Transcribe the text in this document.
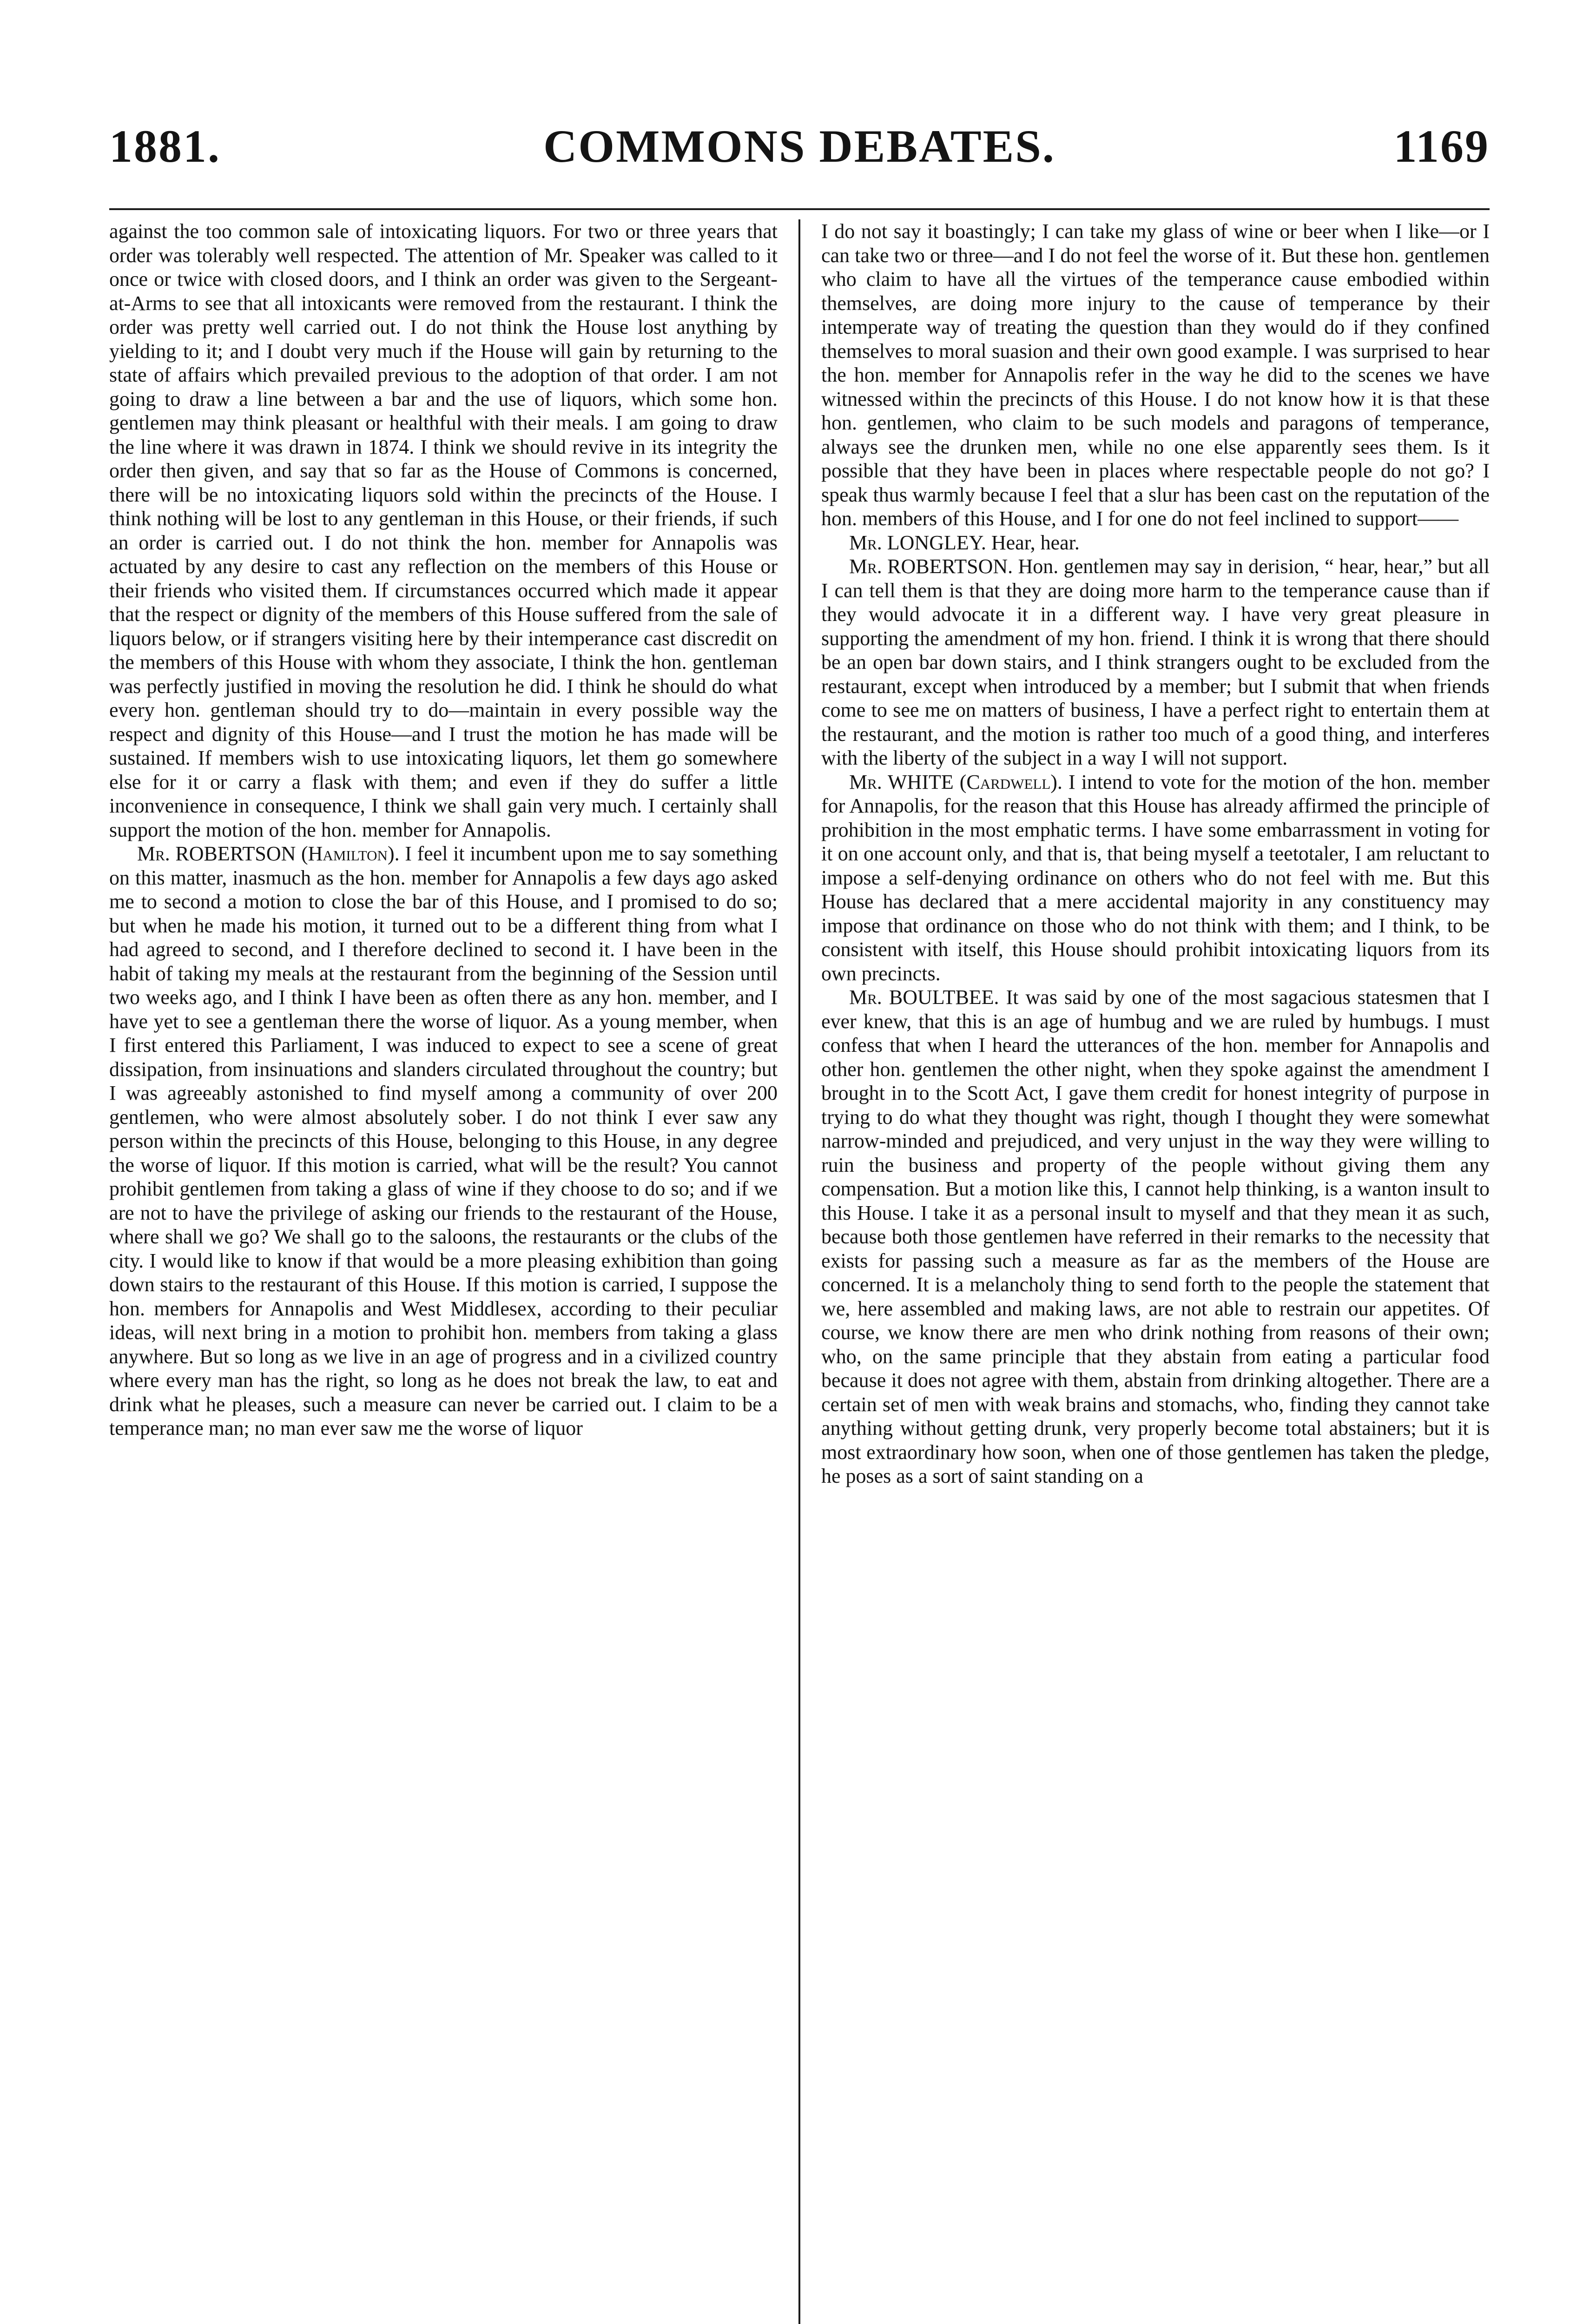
1881.	COMMONS DEBATES.	1169

against the too common sale of intoxicating liquors. For two or three years that order was tolerably well respected. The attention of Mr. Speaker was called to it once or twice with closed doors, and I think an order was given to the Sergeant-at-Arms to see that all intoxicants were removed from the restaurant. I think the order was pretty well carried out. I do not think the House lost anything by yielding to it; and I doubt very much if the House will gain by returning to the state of affairs which prevailed previous to the adoption of that order. I am not going to draw a line between a bar and the use of liquors, which some hon. gentlemen may think pleasant or healthful with their meals. I am going to draw the line where it was drawn in 1874. I think we should revive in its integrity the order then given, and say that so far as the House of Commons is concerned, there will be no intoxicating liquors sold within the precincts of the House. I think nothing will be lost to any gentleman in this House, or their friends, if such an order is carried out. I do not think the hon. member for Annapolis was actuated by any desire to cast any reflection on the members of this House or their friends who visited them. If circumstances occurred which made it appear that the respect or dignity of the members of this House suffered from the sale of liquors below, or if strangers visiting here by their intemperance cast discredit on the members of this House with whom they associate, I think the hon. gentleman was perfectly justified in moving the resolution he did. I think he should do what every hon. gentleman should try to do—maintain in every possible way the respect and dignity of this House—and I trust the motion he has made will be sustained. If members wish to use intoxicating liquors, let them go somewhere else for it or carry a flask with them; and even if they do suffer a little inconvenience in consequence, I think we shall gain very much. I certainly shall support the motion of the hon. member for Annapolis.

Mr. ROBERTSON (Hamilton). I feel it incumbent upon me to say something on this matter, inasmuch as the hon. member for Annapolis a few days ago asked me to second a motion to close the bar of this House, and I promised to do so; but when he made his motion, it turned out to be a different thing from what I had agreed to second, and I therefore declined to second it. I have been in the habit of taking my meals at the restaurant from the beginning of the Session until two weeks ago, and I think I have been as often there as any hon. member, and I have yet to see a gentleman there the worse of liquor. As a young member, when I first entered this Parliament, I was induced to expect to see a scene of great dissipation, from insinuations and slanders circulated throughout the country; but I was agreeably astonished to find myself among a community of over 200 gentlemen, who were almost absolutely sober. I do not think I ever saw any person within the precincts of this House, belonging to this House, in any degree the worse of liquor. If this motion is carried, what will be the result? You cannot prohibit gentlemen from taking a glass of wine if they choose to do so; and if we are not to have the privilege of asking our friends to the restaurant of the House, where shall we go? We shall go to the saloons, the restaurants or the clubs of the city. I would like to know if that would be a more pleasing exhibition than going down stairs to the restaurant of this House. If this motion is carried, I suppose the hon. members for Annapolis and West Middlesex, according to their peculiar ideas, will next bring in a motion to prohibit hon. members from taking a glass anywhere. But so long as we live in an age of progress and in a civilized country where every man has the right, so long as he does not break the law, to eat and drink what he pleases, such a measure can never be carried out. I claim to be a temperance man; no man ever saw me the worse of liquor

I do not say it boastingly; I can take my glass of wine or beer when I like—or I can take two or three—and I do not feel the worse of it. But these hon. gentlemen who claim to have all the virtues of the temperance cause embodied within themselves, are doing more injury to the cause of temperance by their intemperate way of treating the question than they would do if they confined themselves to moral suasion and their own good example. I was surprised to hear the hon. member for Annapolis refer in the way he did to the scenes we have witnessed within the precincts of this House. I do not know how it is that these hon. gentlemen, who claim to be such models and paragons of temperance, always see the drunken men, while no one else apparently sees them. Is it possible that they have been in places where respectable people do not go? I speak thus warmly because I feel that a slur has been cast on the reputation of the hon. members of this House, and I for one do not feel inclined to support——

Mr. LONGLEY. Hear, hear.

Mr. ROBERTSON. Hon. gentlemen may say in derision, “ hear, hear,” but all I can tell them is that they are doing more harm to the temperance cause than if they would advocate it in a different way. I have very great pleasure in supporting the amendment of my hon. friend. I think it is wrong that there should be an open bar down stairs, and I think strangers ought to be excluded from the restaurant, except when introduced by a member; but I submit that when friends come to see me on matters of business, I have a perfect right to entertain them at the restaurant, and the motion is rather too much of a good thing, and interferes with the liberty of the subject in a way I will not support.

Mr. WHITE (Cardwell). I intend to vote for the motion of the hon. member for Annapolis, for the reason that this House has already affirmed the principle of prohibition in the most emphatic terms. I have some embarrassment in voting for it on one account only, and that is, that being myself a teetotaler, I am reluctant to impose a self-denying ordinance on others who do not feel with me. But this House has declared that a mere accidental majority in any constituency may impose that ordinance on those who do not think with them; and I think, to be consistent with itself, this House should prohibit intoxicating liquors from its own precincts.

Mr. BOULTBEE. It was said by one of the most sagacious statesmen that I ever knew, that this is an age of humbug and we are ruled by humbugs. I must confess that when I heard the utterances of the hon. member for Annapolis and other hon. gentlemen the other night, when they spoke against the amendment I brought in to the Scott Act, I gave them credit for honest integrity of purpose in trying to do what they thought was right, though I thought they were somewhat narrow-minded and prejudiced, and very unjust in the way they were willing to ruin the business and property of the people without giving them any compensation. But a motion like this, I cannot help thinking, is a wanton insult to this House. I take it as a personal insult to myself and that they mean it as such, because both those gentlemen have referred in their remarks to the necessity that exists for passing such a measure as far as the members of the House are concerned. It is a melancholy thing to send forth to the people the statement that we, here assembled and making laws, are not able to restrain our appetites. Of course, we know there are men who drink nothing from reasons of their own; who, on the same principle that they abstain from eating a particular food because it does not agree with them, abstain from drinking altogether. There are a certain set of men with weak brains and stomachs, who, finding they cannot take anything without getting drunk, very properly become total abstainers; but it is most extraordinary how soon, when one of those gentlemen has taken the pledge, he poses as a sort of saint standing on a
